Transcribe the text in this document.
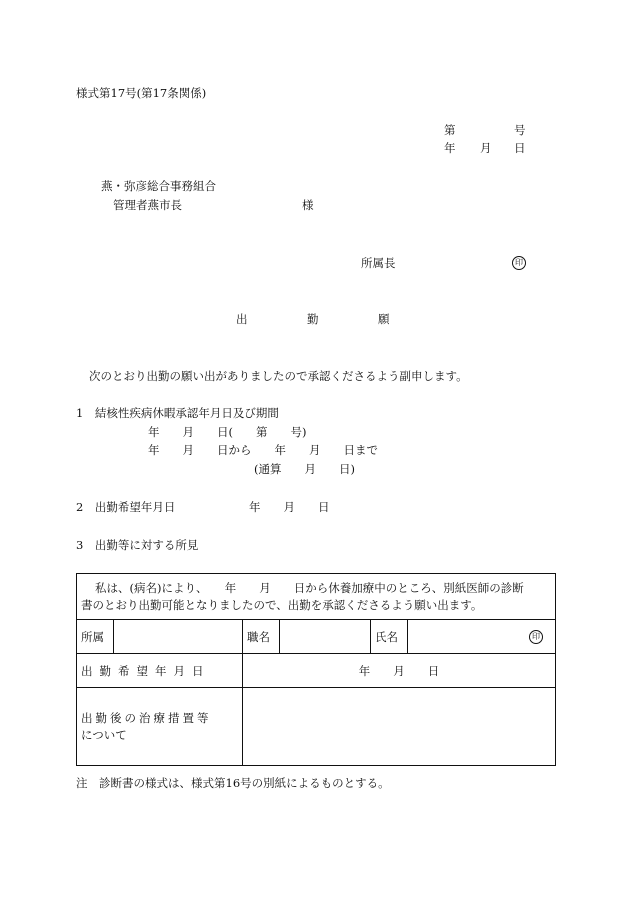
様式第17号(第17条関係)
第	号
年 月 日
燕・弥彦総合事務組合
管理者燕市長	様
所属長	印
出	勤	願
次のとおり出勤の願い出がありましたので承認くださるよう副申します。
1　結核性疾病休暇承認年月日及び期間
年　　月　　日(　　第　　号)
年　　月　　日から　　年　　月　　日まで
(通算　　月　　日)
2　出勤希望年月日	年　　月　　日
3　出勤等に対する所見
私は、(病名)により、　　年　　月　　日から休養加療中のところ、別紙医師の診断
書のとおり出勤可能となりましたので、出勤を承認くださるよう願い出ます。					

所属		職名		氏名	印

出勤希望年月日		年　　月　　日			

出勤後の治療措置等
について					

注　診断書の様式は、様式第16号の別紙によるものとする。
